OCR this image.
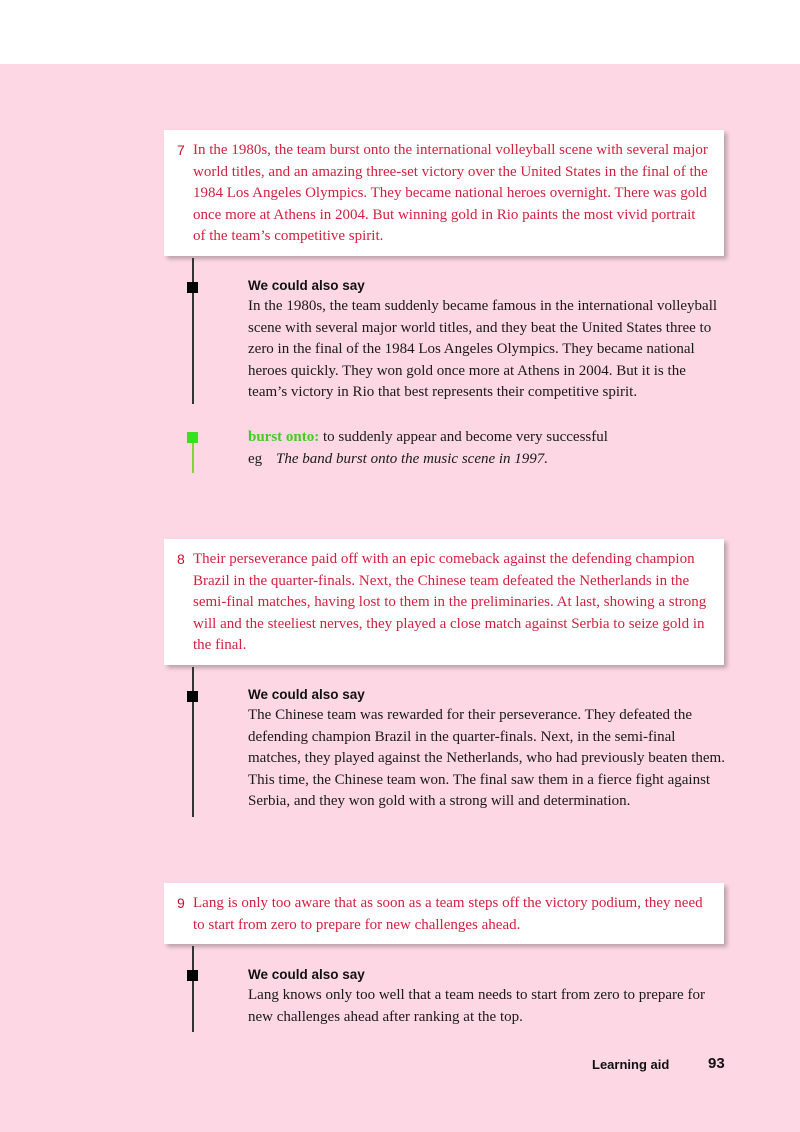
7 In the 1980s, the team burst onto the international volleyball scene with several major world titles, and an amazing three-set victory over the United States in the final of the 1984 Los Angeles Olympics. They became national heroes overnight. There was gold once more at Athens in 2004. But winning gold in Rio paints the most vivid portrait of the team’s competitive spirit.
We could also say
In the 1980s, the team suddenly became famous in the international volleyball scene with several major world titles, and they beat the United States three to zero in the final of the 1984 Los Angeles Olympics. They became national heroes quickly. They won gold once more at Athens in 2004. But it is the team’s victory in Rio that best represents their competitive spirit.
burst onto: to suddenly appear and become very successful
eg The band burst onto the music scene in 1997.
8 Their perseverance paid off with an epic comeback against the defending champion Brazil in the quarter-finals. Next, the Chinese team defeated the Netherlands in the semi-final matches, having lost to them in the preliminaries. At last, showing a strong will and the steeliest nerves, they played a close match against Serbia to seize gold in the final.
We could also say
The Chinese team was rewarded for their perseverance. They defeated the defending champion Brazil in the quarter-finals. Next, in the semi-final matches, they played against the Netherlands, who had previously beaten them. This time, the Chinese team won. The final saw them in a fierce fight against Serbia, and they won gold with a strong will and determination.
9 Lang is only too aware that as soon as a team steps off the victory podium, they need to start from zero to prepare for new challenges ahead.
We could also say
Lang knows only too well that a team needs to start from zero to prepare for new challenges ahead after ranking at the top.
Learning aid	93
